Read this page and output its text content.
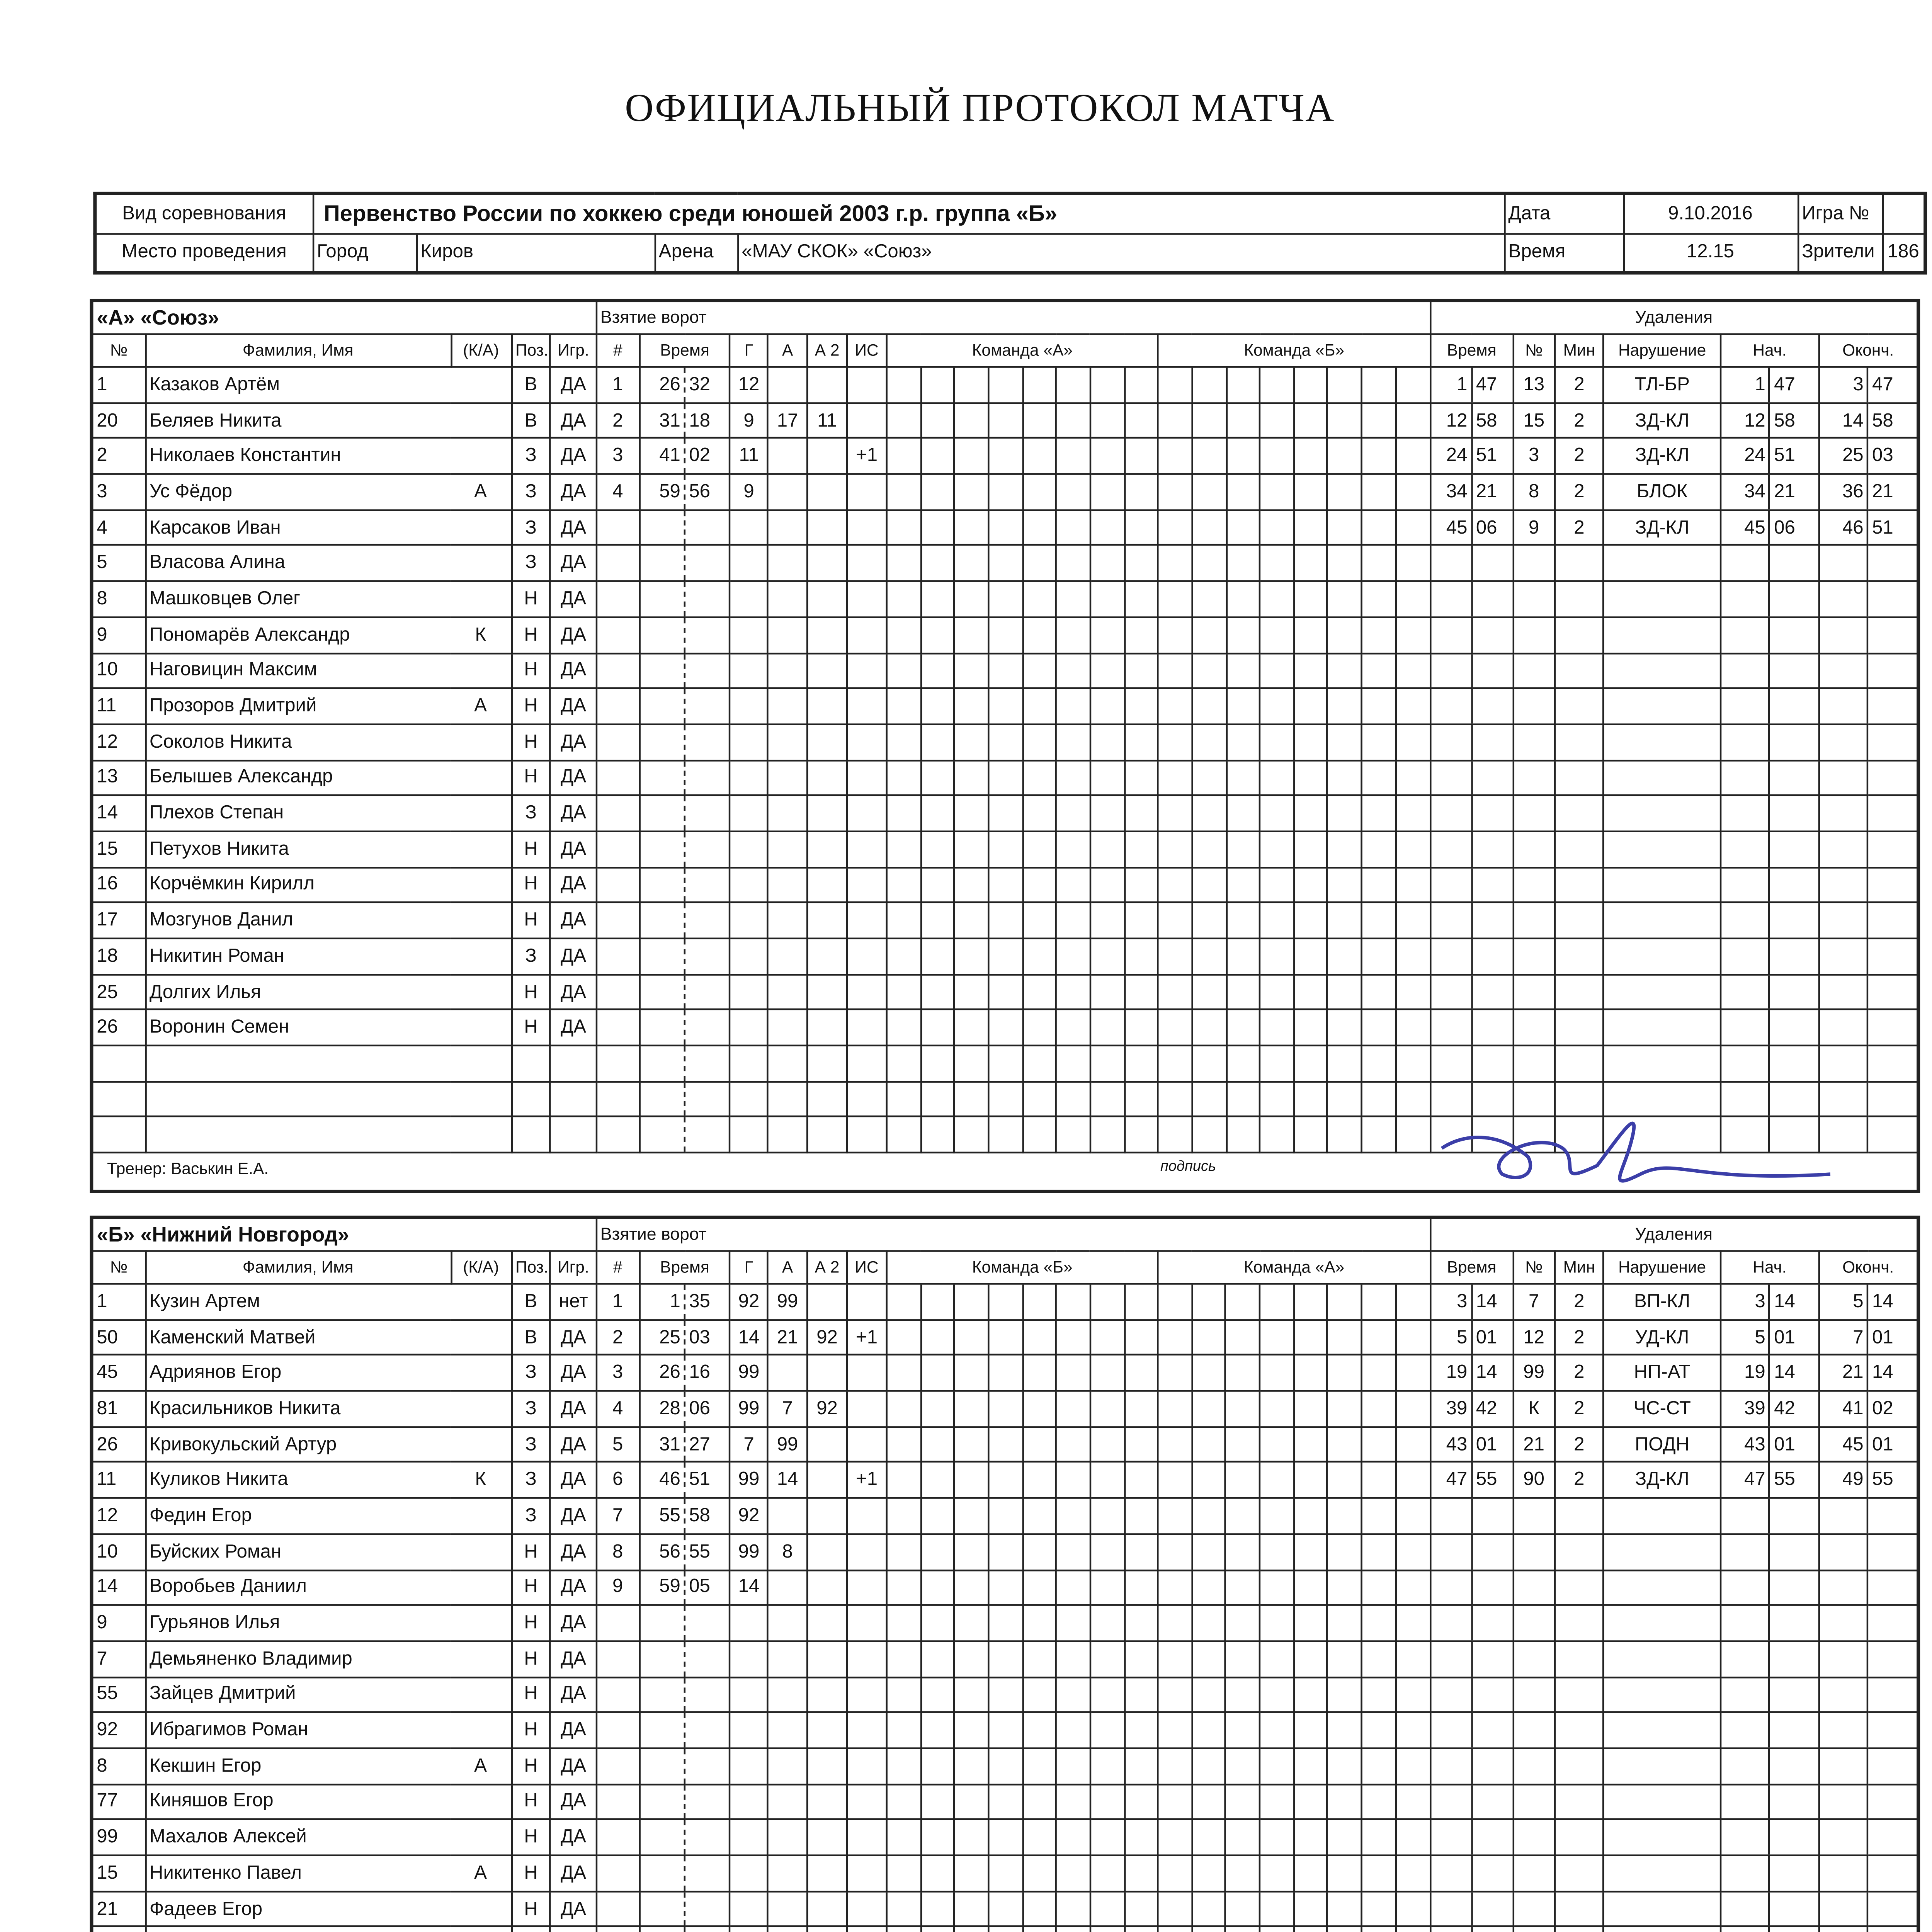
ОФИЦИАЛЬНЫЙ ПРОТОКОЛ МАТЧА
Вид соревнования	Первенство России по хоккею среди юношей 2003 г.р. группа «Б»				Дата	9.10.2016	Игра №	
Место проведения	Город	Киров	Арена	«МАУ СКОК» «Союз»	Время	12.15	Зрители	186
«А» «Союз»					Взятие ворот																							Удаления								
№	Фамилия, Имя	(К/А)	Поз.	Игр.	#	Время		Г	А	А 2	ИС	Команда «А»								Команда «Б»								Время		№	Мин	Нарушение	Нач.		Оконч.	
1	Казаков Артём		В	ДА	1	26	32	12																				1	47	13	2	ТЛ-БР	1	47	3	47
20	Беляев Никита		В	ДА	2	31	18	9	17	11																		12	58	15	2	ЗД-КЛ	12	58	14	58
2	Николаев Константин		З	ДА	3	41	02	11			+1																	24	51	3	2	ЗД-КЛ	24	51	25	03
3	Ус Фёдор	А	З	ДА	4	59	56	9																				34	21	8	2	БЛОК	34	21	36	21
4	Карсаков Иван		З	ДА																								45	06	9	2	ЗД-КЛ	45	06	46	51
5	Власова Алина		З	ДА																																
8	Машковцев Олег		Н	ДА																																
9	Пономарёв Александр	К	Н	ДА																																
10	Наговицин Максим		Н	ДА																																
11	Прозоров Дмитрий	А	Н	ДА																																
12	Соколов Никита		Н	ДА																																
13	Белышев Александр		Н	ДА																																
14	Плехов Степан		З	ДА																																
15	Петухов Никита		Н	ДА																																
16	Корчёмкин Кирилл		Н	ДА																																
17	Мозгунов Данил		Н	ДА																																
18	Никитин Роман		З	ДА																																
25	Долгих Илья		Н	ДА																																
26	Воронин Семен		Н	ДА																																

Тренер: Васькин Е.А.	подпись
«Б» «Нижний Новгород»					Взятие ворот																							Удаления								
№	Фамилия, Имя	(К/А)	Поз.	Игр.	#	Время		Г	А	А 2	ИС	Команда «Б»								Команда «А»								Время		№	Мин	Нарушение	Нач.		Оконч.	
1	Кузин Артем		В	нет	1	1	35	92	99																			3	14	7	2	ВП-КЛ	3	14	5	14
50	Каменский Матвей		В	ДА	2	25	03	14	21	92	+1																	5	01	12	2	УД-КЛ	5	01	7	01
45	Адриянов Егор		З	ДА	3	26	16	99																				19	14	99	2	НП-АТ	19	14	21	14
81	Красильников Никита		З	ДА	4	28	06	99	7	92																		39	42	К	2	ЧС-СТ	39	42	41	02
26	Кривокульский Артур		З	ДА	5	31	27	7	99																			43	01	21	2	ПОДН	43	01	45	01
11	Куликов Никита	К	З	ДА	6	46	51	99	14		+1																	47	55	90	2	ЗД-КЛ	47	55	49	55
12	Федин Егор		З	ДА	7	55	58	92																												
10	Буйских Роман		Н	ДА	8	56	55	99	8																											
14	Воробьев Даниил		Н	ДА	9	59	05	14																												
9	Гурьянов Илья		Н	ДА																																
7	Демьяненко Владимир		Н	ДА																																
55	Зайцев Дмитрий		Н	ДА																																
92	Ибрагимов Роман		Н	ДА																																
8	Кекшин Егор	А	Н	ДА																																
77	Киняшов Егор		Н	ДА																																
99	Махалов Алексей		Н	ДА																																
15	Никитенко Павел	А	Н	ДА																																
21	Фадеев Егор		Н	ДА																																
